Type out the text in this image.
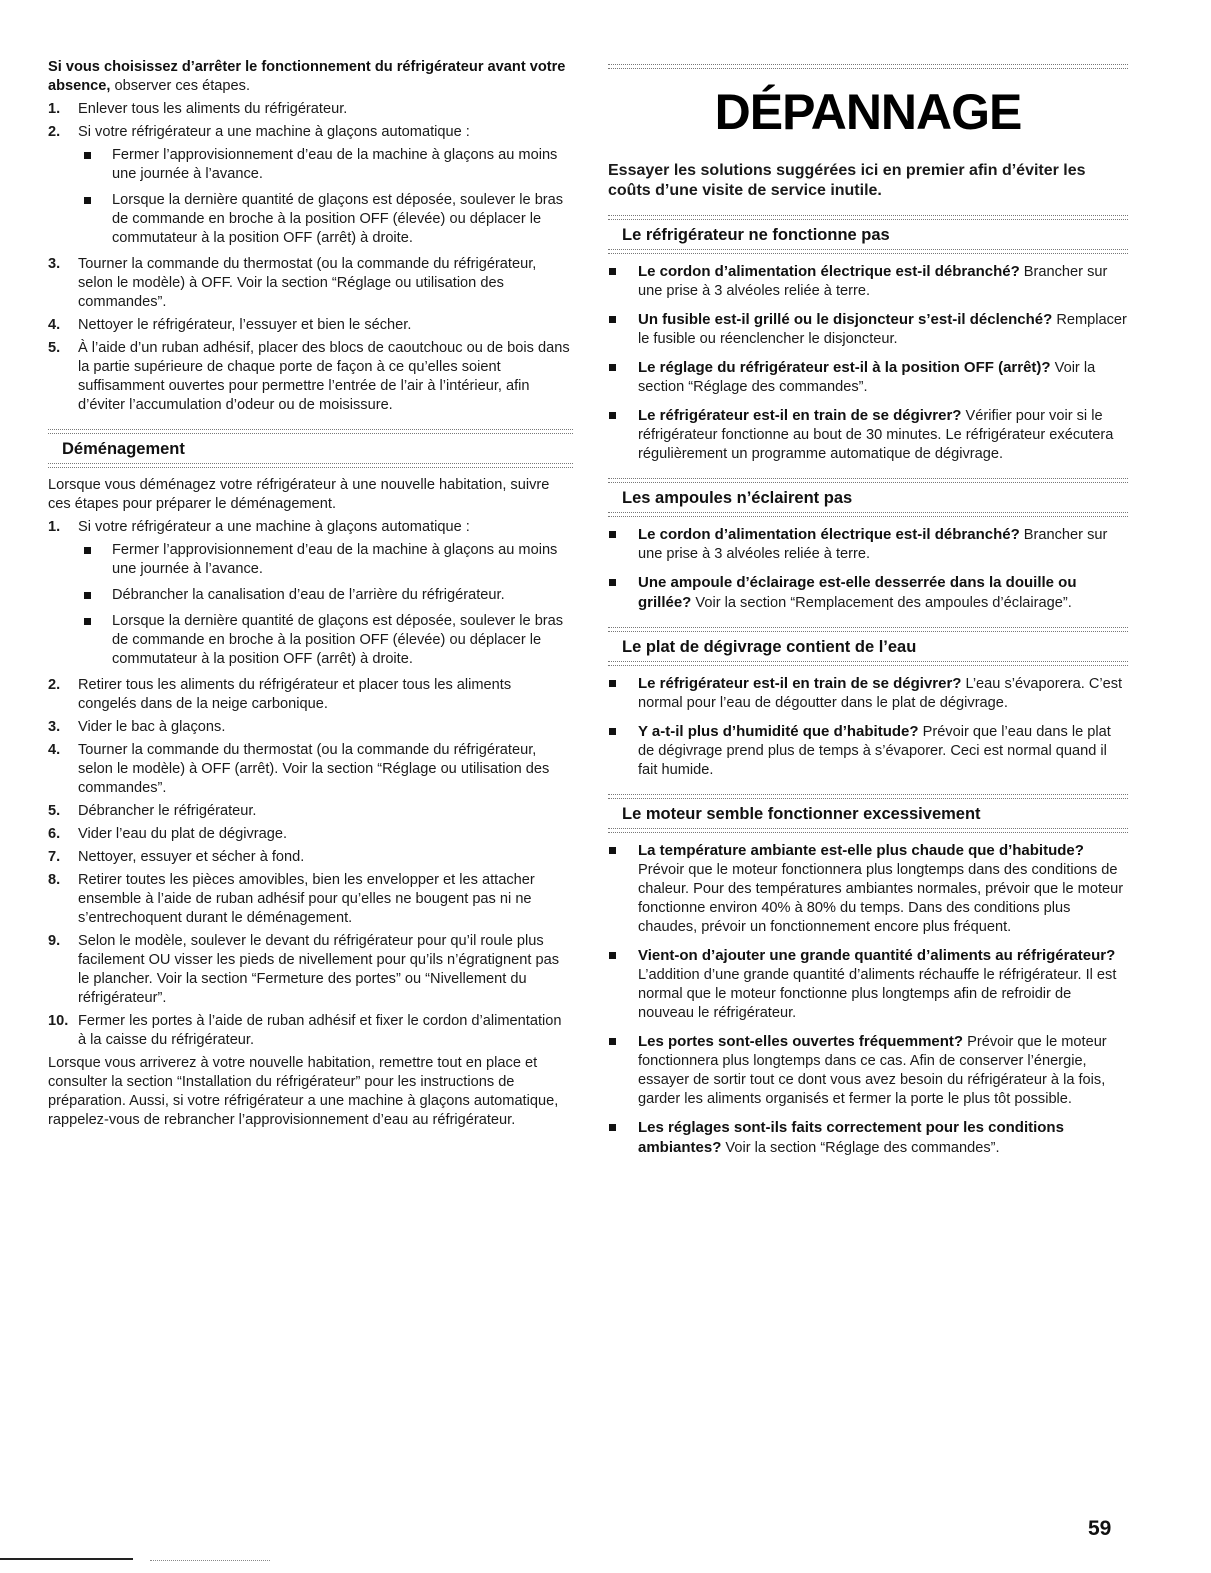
Si vous choisissez d’arrêter le fonctionnement du réfrigérateur avant votre absence, observer ces étapes.

1. Enlever tous les aliments du réfrigérateur.
2. Si votre réfrigérateur a une machine à glaçons automatique :
Fermer l’approvisionnement d’eau de la machine à glaçons au moins une journée à l’avance.
Lorsque la dernière quantité de glaçons est déposée, soulever le bras de commande en broche à la position OFF (élevée) ou déplacer le commutateur à la position OFF (arrêt) à droite.
3. Tourner la commande du thermostat (ou la commande du réfrigérateur, selon le modèle) à OFF. Voir la section “Réglage ou utilisation des commandes”.
4. Nettoyer le réfrigérateur, l’essuyer et bien le sécher.
5. À l’aide d’un ruban adhésif, placer des blocs de caoutchouc ou de bois dans la partie supérieure de chaque porte de façon à ce qu’elles soient suffisamment ouvertes pour permettre l’entrée de l’air à l’intérieur, afin d’éviter l’accumulation d’odeur ou de moisissure.
Déménagement

Lorsque vous déménagez votre réfrigérateur à une nouvelle habitation, suivre ces étapes pour préparer le déménagement.

1. Si votre réfrigérateur a une machine à glaçons automatique :
Fermer l’approvisionnement d’eau de la machine à glaçons au moins une journée à l’avance.
Débrancher la canalisation d’eau de l’arrière du réfrigérateur.
Lorsque la dernière quantité de glaçons est déposée, soulever le bras de commande en broche à la position OFF (élevée) ou déplacer le commutateur à la position OFF (arrêt) à droite.
2. Retirer tous les aliments du réfrigérateur et placer tous les aliments congelés dans de la neige carbonique.
3. Vider le bac à glaçons.
4. Tourner la commande du thermostat (ou la commande du réfrigérateur, selon le modèle) à OFF (arrêt). Voir la section “Réglage ou utilisation des commandes”.
5. Débrancher le réfrigérateur.
6. Vider l’eau du plat de dégivrage.
7. Nettoyer, essuyer et sécher à fond.
8. Retirer toutes les pièces amovibles, bien les envelopper et les attacher ensemble à l’aide de ruban adhésif pour qu’elles ne bougent pas ni ne s’entrechoquent durant le déménagement.
9. Selon le modèle, soulever le devant du réfrigérateur pour qu’il roule plus facilement OU visser les pieds de nivellement pour qu’ils n’égratignent pas le plancher. Voir la section “Fermeture des portes” ou “Nivellement du réfrigérateur”.
10. Fermer les portes à l’aide de ruban adhésif et fixer le cordon d’alimentation à la caisse du réfrigérateur.

Lorsque vous arriverez à votre nouvelle habitation, remettre tout en place et consulter la section “Installation du réfrigérateur” pour les instructions de préparation. Aussi, si votre réfrigérateur a une machine à glaçons automatique, rappelez-vous de rebrancher l’approvisionnement d’eau au réfrigérateur.

DÉPANNAGE

Essayer les solutions suggérées ici en premier afin d’éviter les coûts d’une visite de service inutile.

Le réfrigérateur ne fonctionne pas
Le cordon d’alimentation électrique est-il débranché? Brancher sur une prise à 3 alvéoles reliée à terre.
Un fusible est-il grillé ou le disjoncteur s’est-il déclenché? Remplacer le fusible ou réenclencher le disjoncteur.
Le réglage du réfrigérateur est-il à la position OFF (arrêt)? Voir la section “Réglage des commandes”.
Le réfrigérateur est-il en train de se dégivrer? Vérifier pour voir si le réfrigérateur fonctionne au bout de 30 minutes. Le réfrigérateur exécutera régulièrement un programme automatique de dégivrage.
Les ampoules n’éclairent pas
Le cordon d’alimentation électrique est-il débranché? Brancher sur une prise à 3 alvéoles reliée à terre.
Une ampoule d’éclairage est-elle desserrée dans la douille ou grillée? Voir la section “Remplacement des ampoules d’éclairage”.
Le plat de dégivrage contient de l’eau
Le réfrigérateur est-il en train de se dégivrer? L’eau s’évaporera. C’est normal pour l’eau de dégoutter dans le plat de dégivrage.
Y a-t-il plus d’humidité que d’habitude? Prévoir que l’eau dans le plat de dégivrage prend plus de temps à s’évaporer. Ceci est normal quand il fait humide.
Le moteur semble fonctionner excessivement
La température ambiante est-elle plus chaude que d’habitude? Prévoir que le moteur fonctionnera plus longtemps dans des conditions de chaleur. Pour des températures ambiantes normales, prévoir que le moteur fonctionne environ 40% à 80% du temps. Dans des conditions plus chaudes, prévoir un fonctionnement encore plus fréquent.
Vient-on d’ajouter une grande quantité d’aliments au réfrigérateur? L’addition d’une grande quantité d’aliments réchauffe le réfrigérateur. Il est normal que le moteur fonctionne plus longtemps afin de refroidir de nouveau le réfrigérateur.
Les portes sont-elles ouvertes fréquemment? Prévoir que le moteur fonctionnera plus longtemps dans ce cas. Afin de conserver l’énergie, essayer de sortir tout ce dont vous avez besoin du réfrigérateur à la fois, garder les aliments organisés et fermer la porte le plus tôt possible.
Les réglages sont-ils faits correctement pour les conditions ambiantes? Voir la section “Réglage des commandes”.
59
